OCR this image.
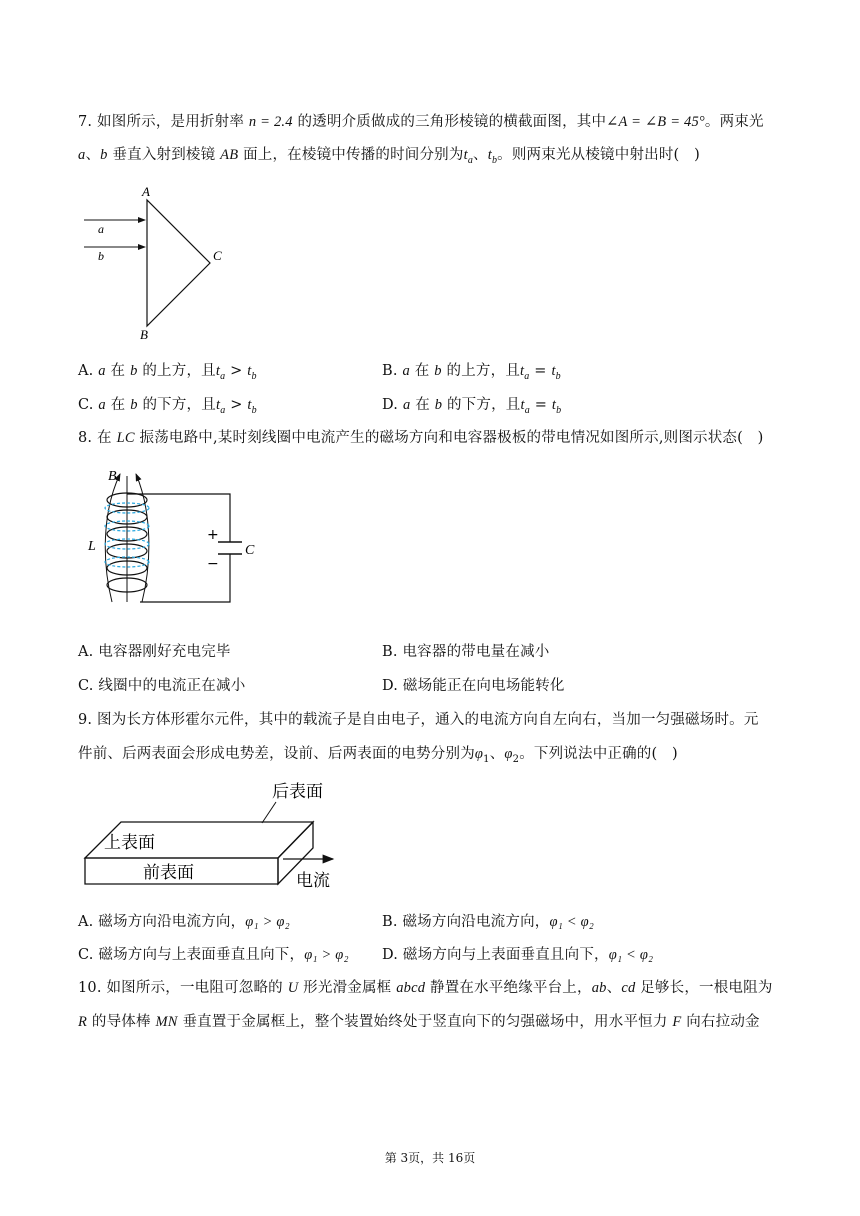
7. 如图所示，是用折射率 n = 2.4 的透明介质做成的三角形棱镜的横截面图，其中∠A = ∠B = 45°。两束光
a、b 垂直入射到棱镜 AB 面上，在棱镜中传播的时间分别为$t_a$、$t_b$。则两束光从棱镜中射出时(　)
A
B
C
a
b
A. a 在 b 的上方，且$t_a > t_b$	B. a 在 b 的上方，且$t_a = t_b$
C. a 在 b 的下方，且$t_a > t_b$	D. a 在 b 的下方，且$t_a = t_b$
8. 在 LC 振荡电路中,某时刻线圈中电流产生的磁场方向和电容器极板的带电情况如图所示,则图示状态(　)
+
−
C
L
B
A. 电容器刚好充电完毕	B. 电容器的带电量在减小
C. 线圈中的电流正在减小	D. 磁场能正在向电场能转化
9. 图为长方体形霍尔元件，其中的载流子是自由电子，通入的电流方向自左向右，当加一匀强磁场时。元
件前、后两表面会形成电势差，设前、后两表面的电势分别为$\varphi_1$、$\varphi_2$。下列说法中正确的(　)
后表面
上表面
前表面	电流
A. 磁场方向沿电流方向，φ₁ > φ₂	B. 磁场方向沿电流方向，φ₁ < φ₂
C. 磁场方向与上表面垂直且向下，φ₁ > φ₂ D. 磁场方向与上表面垂直且向下，φ₁ < φ₂
10. 如图所示，一电阻可忽略的 U 形光滑金属框 abcd 静置在水平绝缘平台上，ab、cd 足够长，一根电阻为
R 的导体棒 MN 垂直置于金属框上，整个装置始终处于竖直向下的匀强磁场中，用水平恒力 F 向右拉动金
第 3页，共 16页
